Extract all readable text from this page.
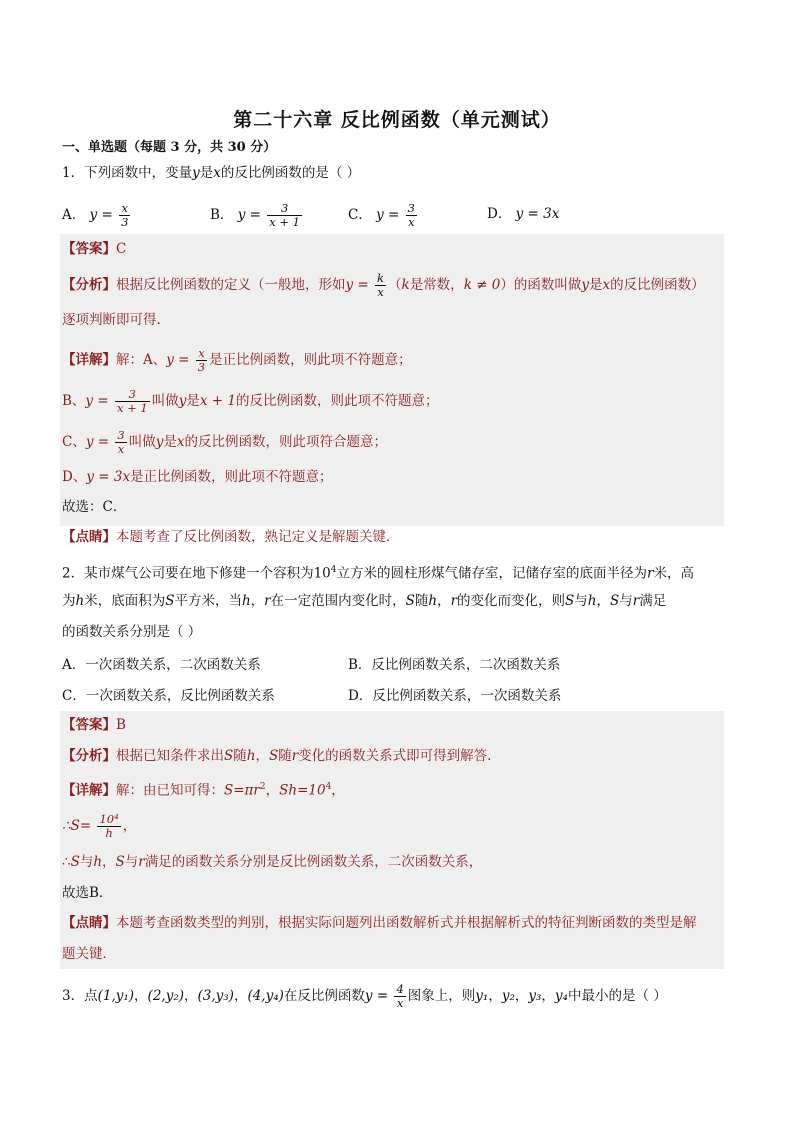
第二十六章 反比例函数（单元测试）
一、单选题（每题 3 分，共 30 分）
1．下列函数中，变量y是x的反比例函数的是（ ）
A． $y = \frac{x}{3}$	B． $y = \frac{3}{x + 1}$	C． $y = \frac{3}{x}$	D． y = 3x
【答案】C
【分析】根据反比例函数的定义（一般地，形如$y = \frac{k}{x} (k$是常数，k ≠ 0）的函数叫做y是x的反比例函数）
逐项判断即可得.
【详解】解：A、$y = \frac{x}{3}$ 是正比例函数，则此项不符题意；
B、$y = \frac{3}{x + 1}$ 叫做y是x + 1的反比例函数，则此项不符题意；
C、$y = \frac{3}{x}$ 叫做y是x的反比例函数，则此项符合题意；
D、y = 3x是正比例函数，则此项不符题意；
故选：C．
【点睛】本题考查了反比例函数，熟记定义是解题关键．
2．某市煤气公司要在地下修建一个容积为$10^4$立方米的圆柱形煤气储存室，记储存室的底面半径为r米，高
为h米，底面积为S平方米，当h，r在一定范围内变化时，S随h，r的变化而变化，则S与h，S与r满足
的函数关系分别是（ ）
A．一次函数关系，二次函数关系	B．反比例函数关系，二次函数关系
C．一次函数关系，反比例函数关系	D．反比例函数关系，一次函数关系
【答案】B
【分析】根据已知条件求出S随h，S随r变化的函数关系式即可得到解答.
【详解】解：由已知可得：$S=\pi r^2$，$Sh=10^4$，
∴S= $\frac{\text{10⁴}}{h}$ ，
∴S与h，S与r满足的函数关系分别是反比例函数关系，二次函数关系，
故选B．
【点睛】本题考查函数类型的判别，根据实际问题列出函数解析式并根据解析式的特征判断函数的类型是解
题关键．
3．点(1,y₁)，(2,y₂)，(3,y₃)，(4,y₄)在反比例函数$y = \frac{4}{x}$ 图象上，则y₁，y₂，y₃，y₄中最小的是（ ）
